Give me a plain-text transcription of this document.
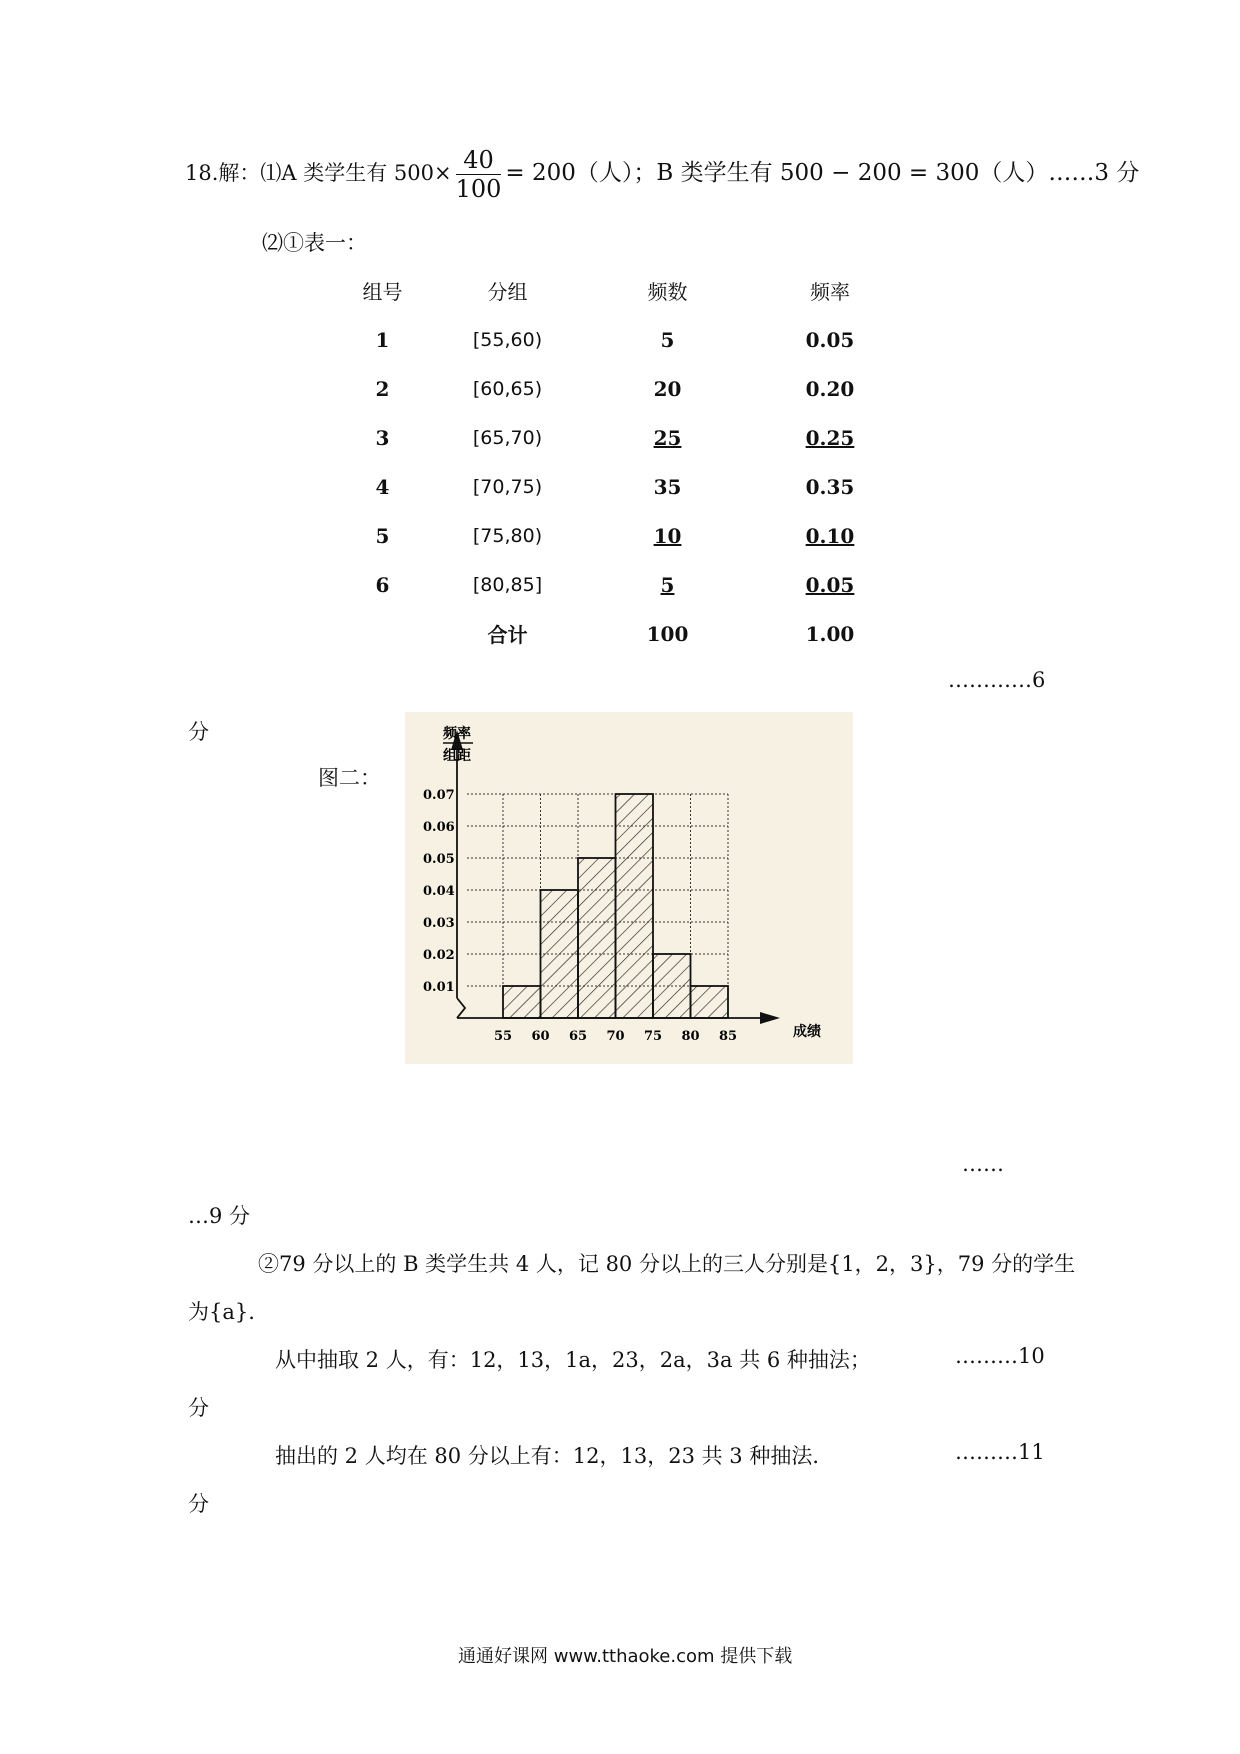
18.解：⑴A 类学生有 $500\times \frac{40}{100} = 200$（人）；B 类学生有 500 − 200 = 300（人）……3 分
⑵①表一：
组号	分组	频数	频率
1	[55,60)	5	0.05
2	[60,65)	20	0.20
3	[65,70)	25	0.25
4	[70,75)	35	0.35
5	[75,80)	10	0.10
6	[80,85]	5	0.05
	合计	100	1.00
…………6
分
图二：
0.01
0.02
0.03
0.04
0.05
0.06
0.07
55 60 65 70 75 80 85
频率
组距
成绩
……
…9 分
②79 分以上的 B 类学生共 4 人，记 80 分以上的三人分别是{1，2，3}，79 分的学生
为{a}.
从中抽取 2 人，有：12，13，1a，23，2a，3a 共 6 种抽法；	………10
分
抽出的 2 人均在 80 分以上有：12，13，23 共 3 种抽法．	………11
分
通通好课网 www.tthaoke.com 提供下载
